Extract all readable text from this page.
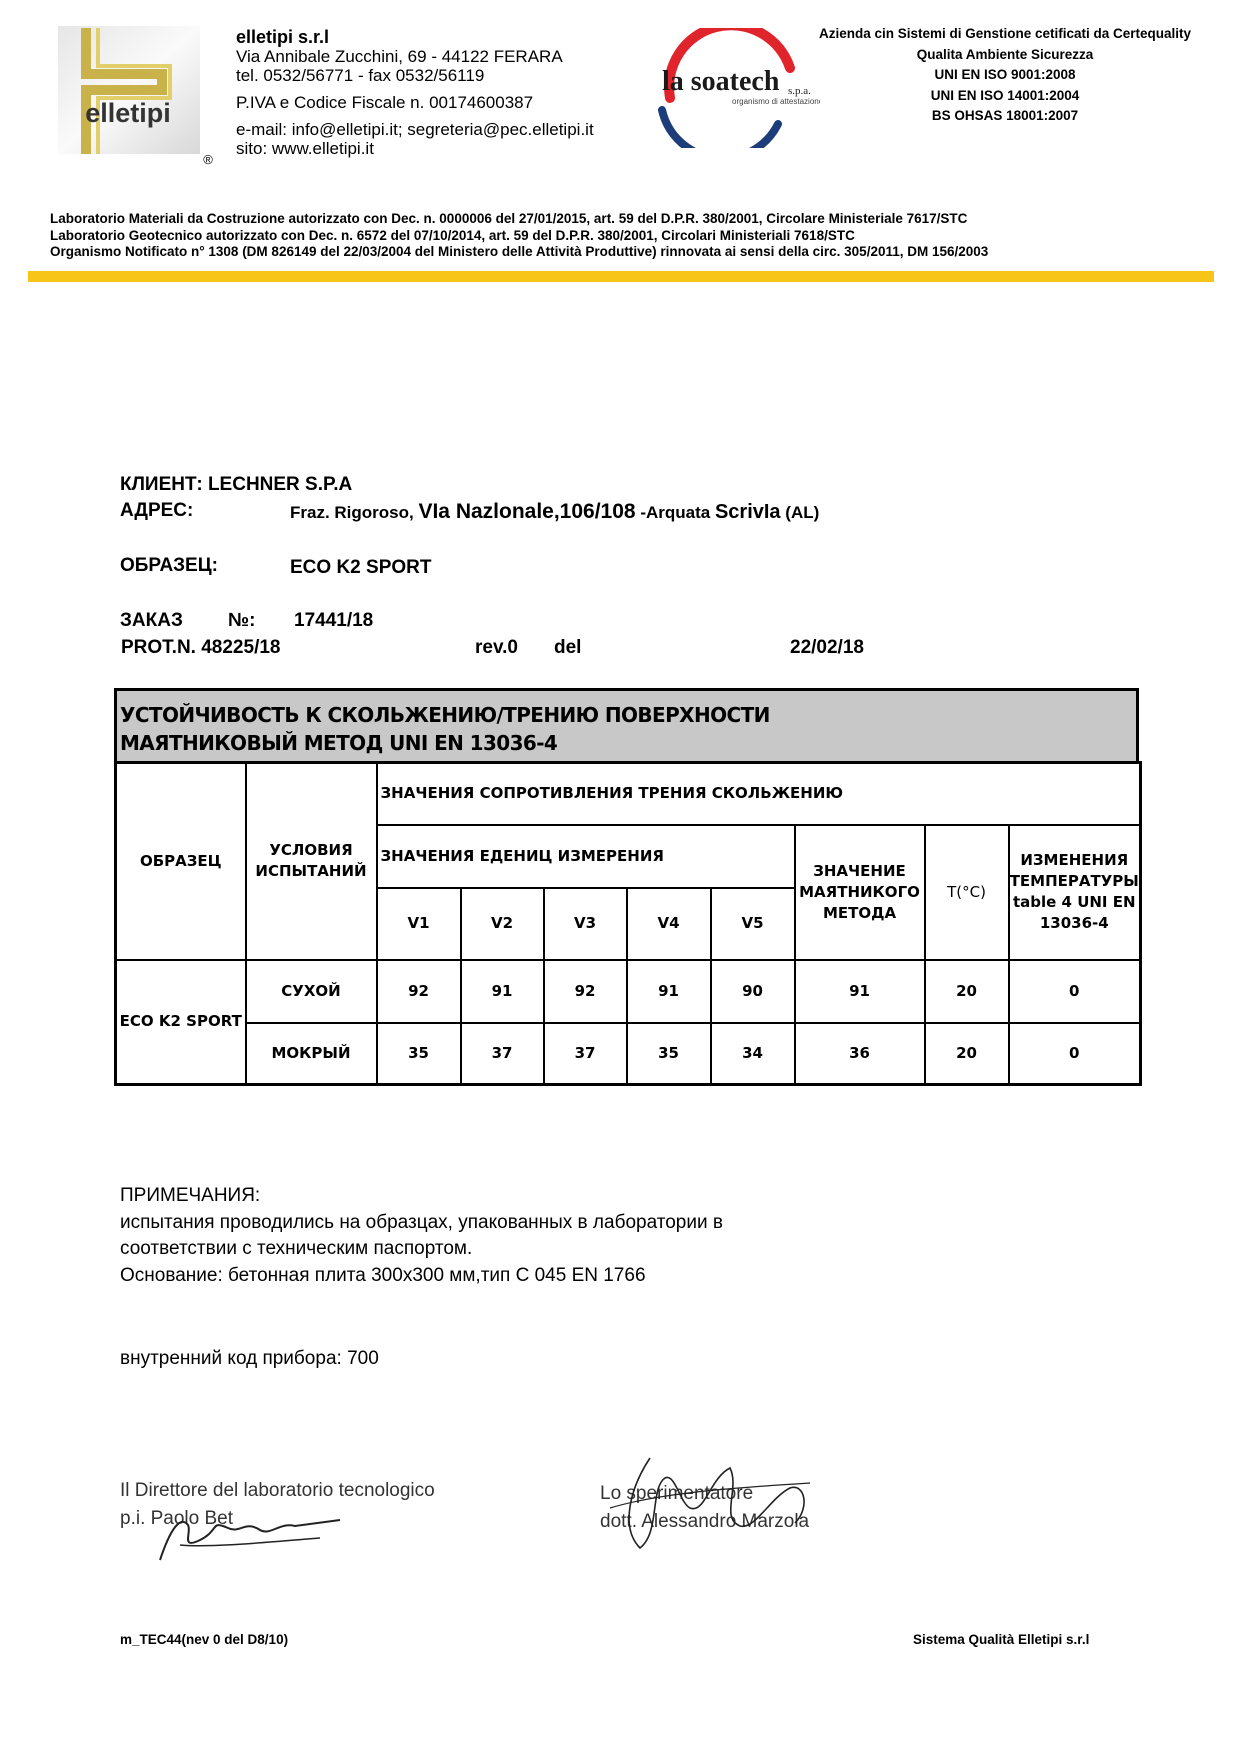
elletipi
®
elletipi s.r.l
Via Annibale Zucchini, 69 - 44122 FERARA
tel. 0532/56771 - fax 0532/56119
P.IVA e Codice Fiscale n. 00174600387
e-mail: info@elletipi.it; segreteria@pec.elletipi.it
sito: www.elletipi.it
la soatech s.p.a.
organismo di attestazione
Azienda cin Sistemi di Genstione cetificati da Certequality
Qualita Ambiente Sicurezza
UNI EN ISO 9001:2008
UNI EN ISO 14001:2004
BS OHSAS 18001:2007
Laboratorio Materiali da Costruzione autorizzato con Dec. n. 0000006 del 27/01/2015, art. 59 del D.P.R. 380/2001, Circolare Ministeriale 7617/STC
Laboratorio Geotecnico autorizzato con Dec. n. 6572 del 07/10/2014, art. 59 del D.P.R. 380/2001, Circolari Ministeriali 7618/STC
Organismo Notificato n° 1308 (DM 826149 del 22/03/2004 del Ministero delle Attività Produttive) rinnovata ai sensi della circ. 305/2011, DM 156/2003
КЛИЕНТ: LECHNER S.P.A
АДРЕС:	Fraz. Rigoroso, VIa Nazlonale,106/108 -Arquata ScrivIa (AL)
ОБРАЗЕЦ:	ECO K2 SPORT
ЗАКАЗ №: 17441/18
PROT.N. 48225/18	rev.0 del	22/02/18
УСТОЙЧИВОСТЬ К СКОЛЬЖЕНИЮ/ТРЕНИЮ ПОВЕРХНОСТИ
МАЯТНИКОВЫЙ МЕТОД UNI EN 13036-4
ОБРАЗЕЦ	УСЛОВИЯ ИСПЫТАНИЙ	ЗНАЧЕНИЯ СОПРОТИВЛЕНИЯ ТРЕНИЯ СКОЛЬЖЕНИЮ							
		ЗНАЧЕНИЯ ЕДЕНИЦ ИЗМЕРЕНИЯ					ЗНАЧЕНИЕ МАЯТНИКОГО МЕТОДА	T(°C)	ИЗМЕНЕНИЯ ТЕМПЕРАТУРЫ table 4 UNI EN 13036-4
		V1	V2	V3	V4	V5			
ECO K2 SPORT	СУХОЙ	92	91	92	91	90	91	20	0
	МОКРЫЙ	35	37	37	35	34	36	20	0
ПРИМЕЧАНИЯ:
испытания проводились на образцах, упакованных в лаборатории в
соответствии с техническим паспортом.
Основание: бетонная плита 300x300 мм,тип С 045 EN 1766
внутренний код прибора: 700
Il Direttore del laboratorio tecnologico
p.i. Paolo Bet
Lo sperimentatore
dott. Alessandro Marzola
m_TEC44(nev 0 del D8/10)	Sistema Qualità Elletipi s.r.l
